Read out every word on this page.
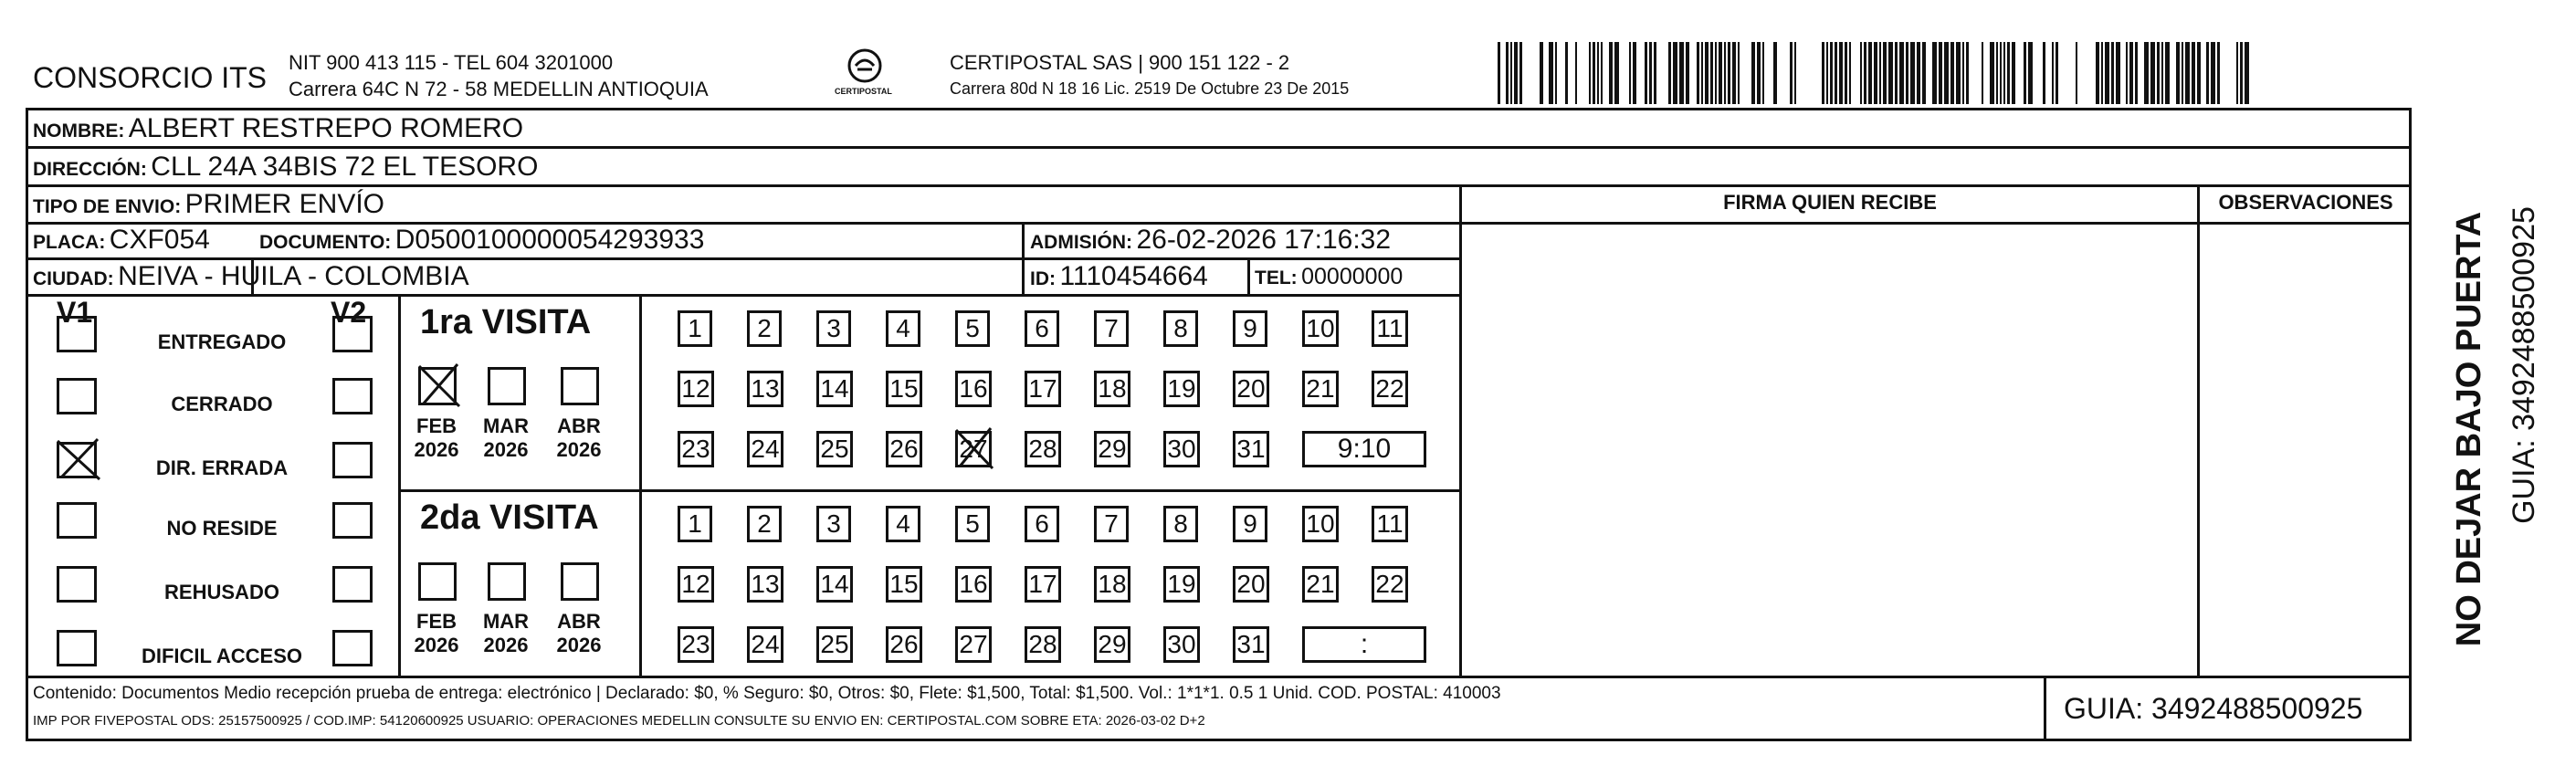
CONSORCIO ITS NIT 900 413 115 - TEL 604 3201000
Carrera 64C N 72 - 58 MEDELLIN ANTIOQUIA	CERTIPOSTAL
CERTIPOSTAL SAS | 900 151 122 - 2
Carrera 80d N 18 16 Lic. 2519 De Octubre 23 De 2015
NOMBRE: ALBERT RESTREPO ROMERO
DIRECCIÓN: CLL 24A 34BIS 72 EL TESORO
TIPO DE ENVIO: PRIMER ENVÍO
PLACA: CXF054	DOCUMENTO: D0500100000054293933	ADMISIÓN: 26-02-2026 17:16:32
CIUDAD: NEIVA - HUILA - COLOMBIA	ID: 1110454664 TEL: 00000000
FIRMA QUIEN RECIBE	OBSERVACIONES
V1	V2
ENTREGADO
CERRADO
DIR. ERRADA
NO RESIDE
REHUSADO
DIFICIL ACCESO
1ra VISITA
FEB
2026
MAR
2026
ABR
2026
1	2	3	4	5	6	7	8	9	10 11
12 13 14 15 16 17 18 19 20 21 22
23 24 25 26 27 28 29 30 31	9:10
2da VISITA
FEB
2026
MAR
2026
ABR
2026
1	2	3	4	5	6	7	8	9	10 11
12 13 14 15 16 17 18 19 20 21 22
23 24 25 26 27 28 29 30 31	:
Contenido: Documentos Medio recepción prueba de entrega: electrónico | Declarado: $0, % Seguro: $0, Otros: $0, Flete: $1,500, Total: $1,500. Vol.: 1*1*1. 0.5 1 Unid. COD. POSTAL: 410003
IMP POR FIVEPOSTAL ODS: 25157500925 / COD.IMP: 54120600925 USUARIO: OPERACIONES MEDELLIN CONSULTE SU ENVIO EN: CERTIPOSTAL.COM SOBRE ETA: 2026-03-02 D+2	GUIA: 3492488500925
NO DEJAR BAJO PUERTA GUIA: 3492488500925
